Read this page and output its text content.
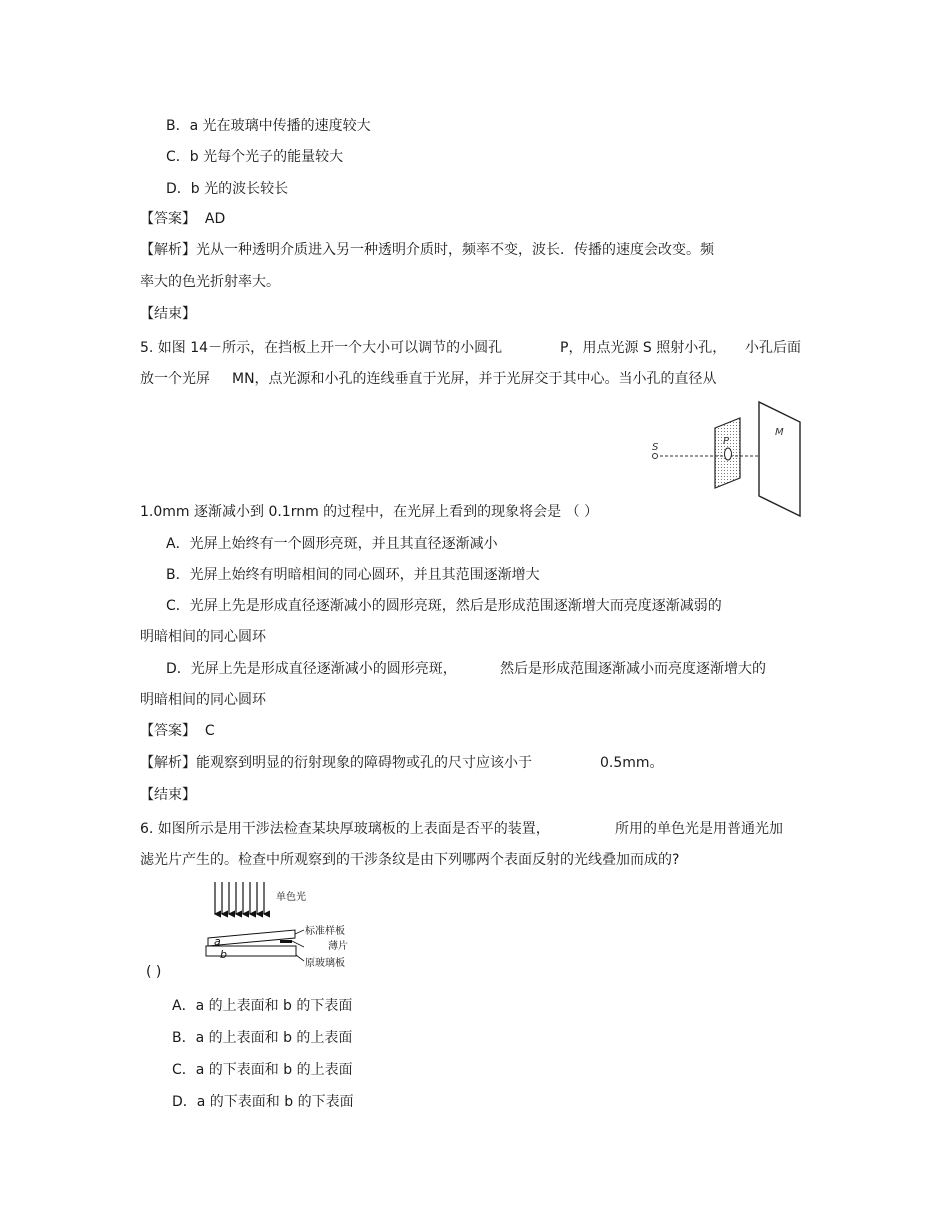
B．a 光在玻璃中传播的速度较大
C．b 光每个光子的能量较大
D．b 光的波长较长
【答案】 AD
【解析】光从一种透明介质进入另一种透明介质时，频率不变，波长．传播的速度会改变。频
率大的色光折射率大。
【结束】
5. 如图 14－所示，在挡板上开一个大小可以调节的小圆孔	P，用点光源 S 照射小孔， 小孔后面
放一个光屏 MN，点光源和小孔的连线垂直于光屏，并于光屏交于其中心。当小孔的直径从
S
P
M
1.0mm 逐渐减小到 0.1rnm 的过程中，在光屏上看到的现象将会是 （ ）
A．光屏上始终有一个圆形亮斑，并且其直径逐渐减小
B．光屏上始终有明暗相间的同心圆环，并且其范围逐渐增大
C．光屏上先是形成直径逐渐减小的圆形亮斑，然后是形成范围逐渐增大而亮度逐渐减弱的
明暗相间的同心圆环
D．光屏上先是形成直径逐渐减小的圆形亮斑，	然后是形成范围逐渐减小而亮度逐渐增大的
明暗相间的同心圆环
【答案】 C
【解析】能观察到明显的衍射现象的障碍物或孔的尺寸应该小于	0.5mm。
【结束】
6. 如图所示是用干涉法检查某块厚玻璃板的上表面是否平的装置，	所用的单色光是用普通光加
滤光片产生的。检查中所观察到的干涉条纹是由下列哪两个表面反射的光线叠加而成的?
单色光
a
b
标准样板
薄片
原玻璃板
( )
A．a 的上表面和 b 的下表面
B．a 的上表面和 b 的上表面
C．a 的下表面和 b 的上表面
D．a 的下表面和 b 的下表面
